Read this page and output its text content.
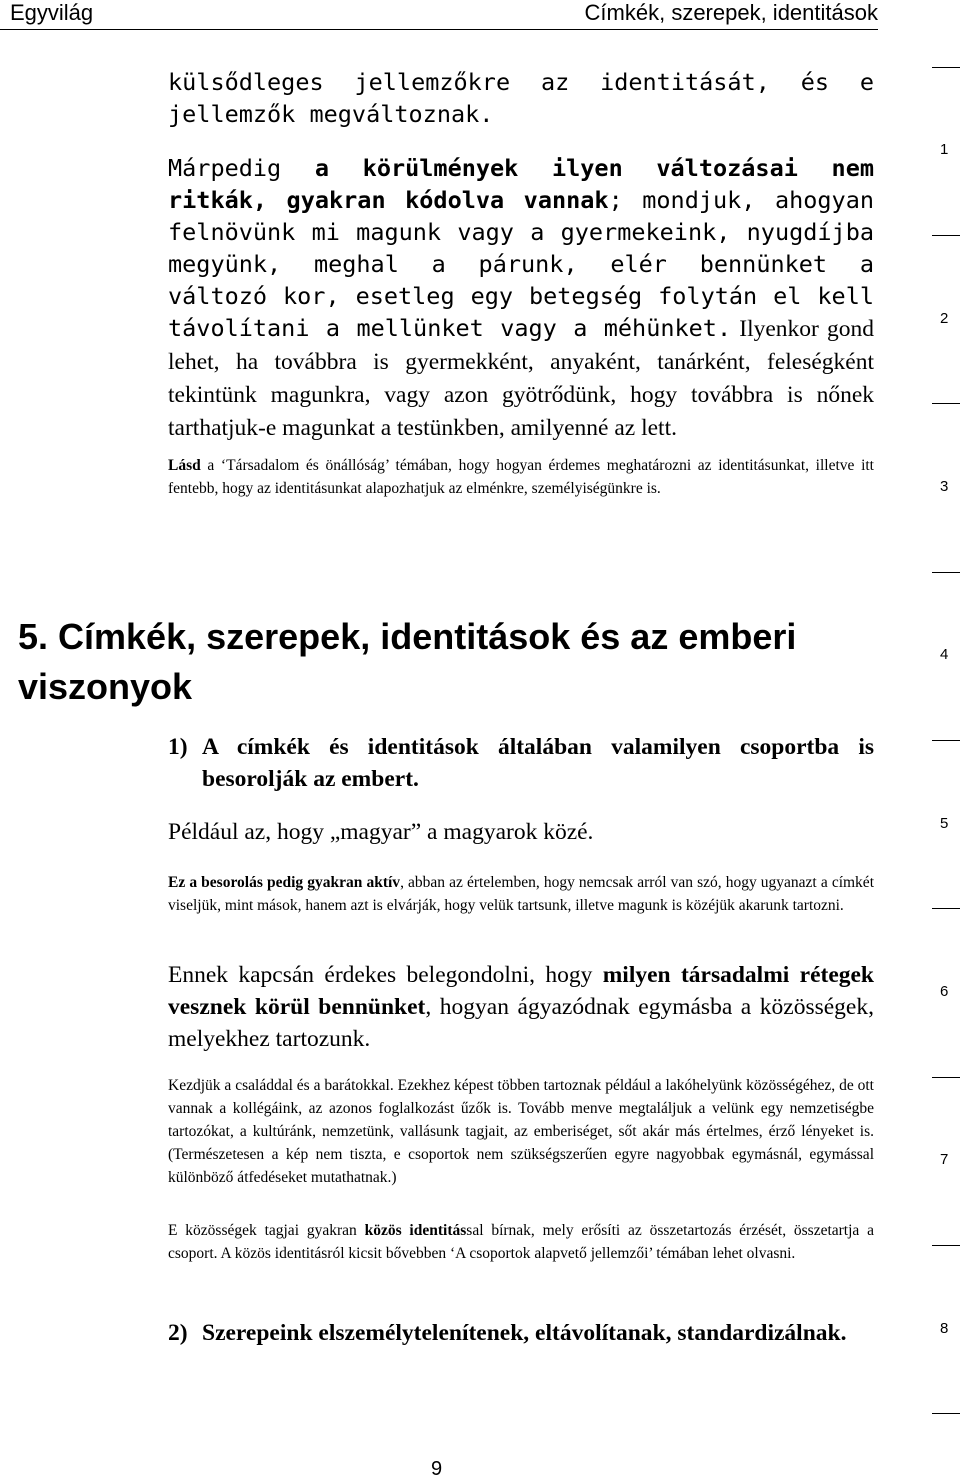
Egyvilág	Címkék, szerepek, identitások
1
2
3
4
5
6
7
8
külsődleges jellemzőkre az identitását, és e jellemzők megváltoznak.
Márpedig a körülmények ilyen változásai nem ritkák, gyakran kódolva vannak; mondjuk, ahogyan felnövünk mi magunk vagy a gyermekeink, nyugdíjba megyünk, meghal a párunk, elér bennünket a változó kor, esetleg egy betegség folytán el kell távolítani a mellünket vagy a méhünket. Ilyenkor gond lehet, ha továbbra is gyermekként, anyaként, tanárként, feleségként tekintünk magunkra, vagy azon gyötrődünk, hogy továbbra is nőnek tarthatjuk-e magunkat a testünkben, amilyenné az lett.
Lásd a ‘Társadalom és önállóság’ témában, hogy hogyan érdemes meghatározni az identitásunkat, illetve itt fentebb, hogy az identitásunkat alapozhatjuk az elménkre, személyiségünkre is.
5. Címkék, szerepek, identitások és az emberi viszonyok
1) A címkék és identitások általában valamilyen csoportba is besorolják az embert.
Például az, hogy „magyar” a magyarok közé.
Ez a besorolás pedig gyakran aktív, abban az értelemben, hogy nemcsak arról van szó, hogy ugyanazt a címkét viseljük, mint mások, hanem azt is elvárják, hogy velük tartsunk, illetve magunk is közéjük akarunk tartozni.
Ennek kapcsán érdekes belegondolni, hogy milyen társadalmi rétegek vesznek körül bennünket, hogyan ágyazódnak egymásba a közösségek, melyekhez tartozunk.
Kezdjük a családdal és a barátokkal. Ezekhez képest többen tartoznak például a lakóhelyünk közösségéhez, de ott vannak a kollégáink, az azonos foglalkozást űzők is. Tovább menve megtaláljuk a velünk egy nemzetiségbe tartozókat, a kultúránk, nemzetünk, vallásunk tagjait, az emberiséget, sőt akár más értelmes, érző lényeket is. (Természetesen a kép nem tiszta, e csoportok nem szükségszerűen egyre nagyobbak egymásnál, egymással különböző átfedéseket mutathatnak.)
E közösségek tagjai gyakran közös identitással bírnak, mely erősíti az összetartozás érzését, összetartja a csoport. A közös identitásról kicsit bővebben ‘A csoportok alapvető jellemzői’ témában lehet olvasni.
2) Szerepeink elszemélytelenítenek, eltávolítanak, standardizálnak.
9
